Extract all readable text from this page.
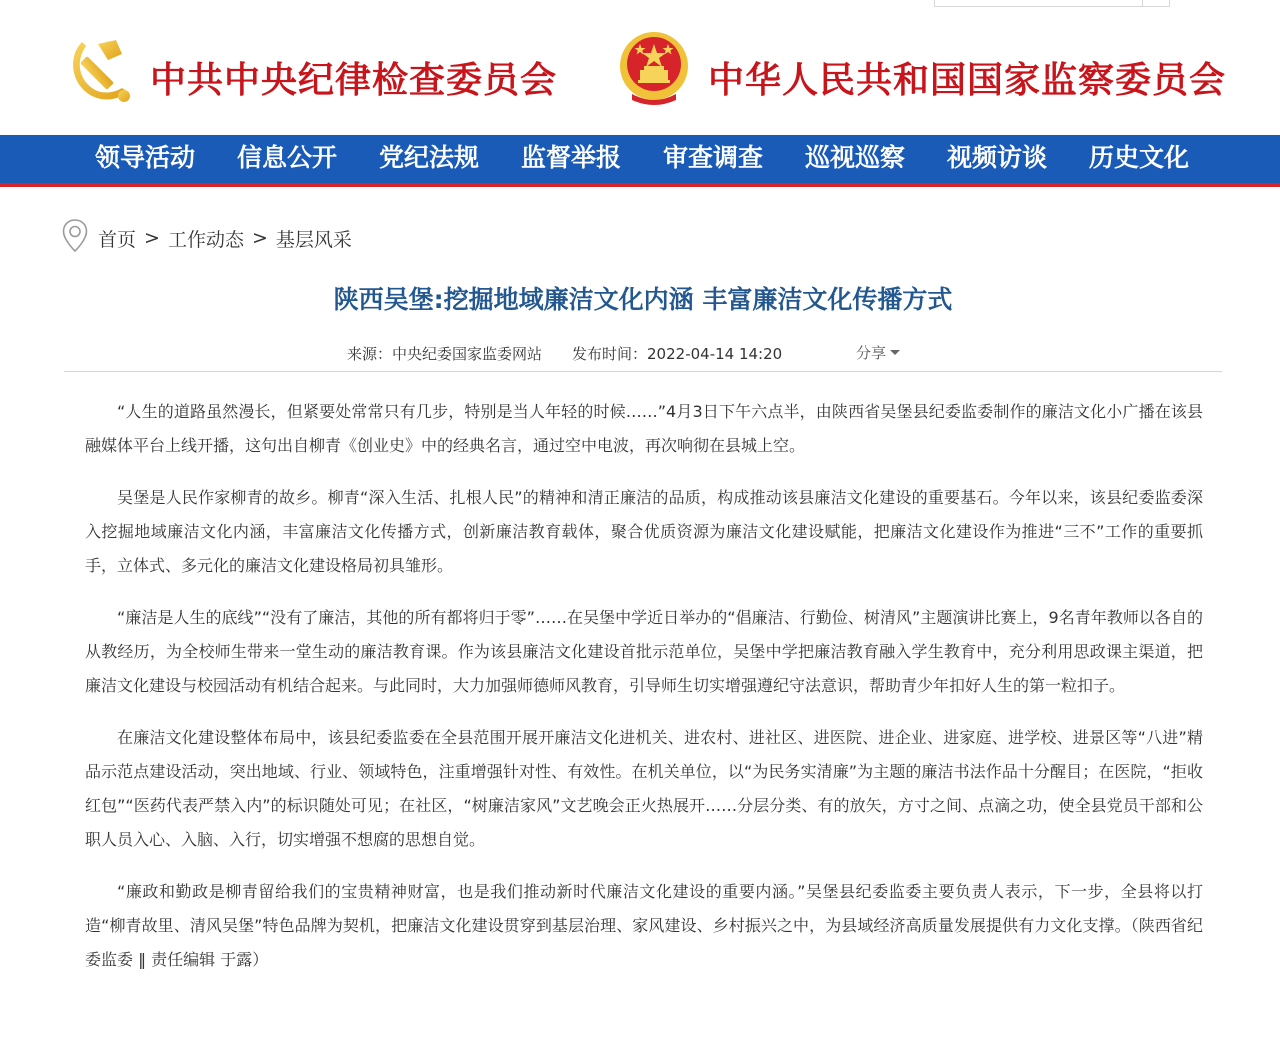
中共中央纪律检查委员会	中华人民共和国国家监察委员会
领导活动	信息公开	党纪法规	监督举报	审查调查	巡视巡察	视频访谈	历史文化
首页 > 工作动态 > 基层风采
陕西吴堡:挖掘地域廉洁文化内涵 丰富廉洁文化传播方式
来源：中央纪委国家监委网站 发布时间：2022-04-14 14:20	分享

“人生的道路虽然漫长，但紧要处常常只有几步，特别是当人年轻的时候……”4月3日下午六点半，由陕西省吴堡县纪委监委制作的廉洁文化小广播在该县融媒体平台上线开播，这句出自柳青《创业史》中的经典名言，通过空中电波，再次响彻在县城上空。

吴堡是人民作家柳青的故乡。柳青“深入生活、扎根人民”的精神和清正廉洁的品质，构成推动该县廉洁文化建设的重要基石。今年以来，该县纪委监委深入挖掘地域廉洁文化内涵，丰富廉洁文化传播方式，创新廉洁教育载体，聚合优质资源为廉洁文化建设赋能，把廉洁文化建设作为推进“三不”工作的重要抓手，立体式、多元化的廉洁文化建设格局初具雏形。

“廉洁是人生的底线”“没有了廉洁，其他的所有都将归于零”……在吴堡中学近日举办的“倡廉洁、行勤俭、树清风”主题演讲比赛上，9名青年教师以各自的从教经历，为全校师生带来一堂生动的廉洁教育课。作为该县廉洁文化建设首批示范单位，吴堡中学把廉洁教育融入学生教育中，充分利用思政课主渠道，把廉洁文化建设与校园活动有机结合起来。与此同时，大力加强师德师风教育，引导师生切实增强遵纪守法意识，帮助青少年扣好人生的第一粒扣子。

在廉洁文化建设整体布局中，该县纪委监委在全县范围开展开廉洁文化进机关、进农村、进社区、进医院、进企业、进家庭、进学校、进景区等“八进”精品示范点建设活动，突出地域、行业、领域特色，注重增强针对性、有效性。在机关单位，以“为民务实清廉”为主题的廉洁书法作品十分醒目；在医院，“拒收红包”“医药代表严禁入内”的标识随处可见；在社区，“树廉洁家风”文艺晚会正火热展开……分层分类、有的放矢，方寸之间、点滴之功，使全县党员干部和公职人员入心、入脑、入行，切实增强不想腐的思想自觉。

“廉政和勤政是柳青留给我们的宝贵精神财富，也是我们推动新时代廉洁文化建设的重要内涵。”吴堡县纪委监委主要负责人表示，下一步，全县将以打造“柳青故里、清风吴堡”特色品牌为契机，把廉洁文化建设贯穿到基层治理、家风建设、乡村振兴之中，为县域经济高质量发展提供有力文化支撑。（陕西省纪委监委 ‖ 责任编辑 于露）
